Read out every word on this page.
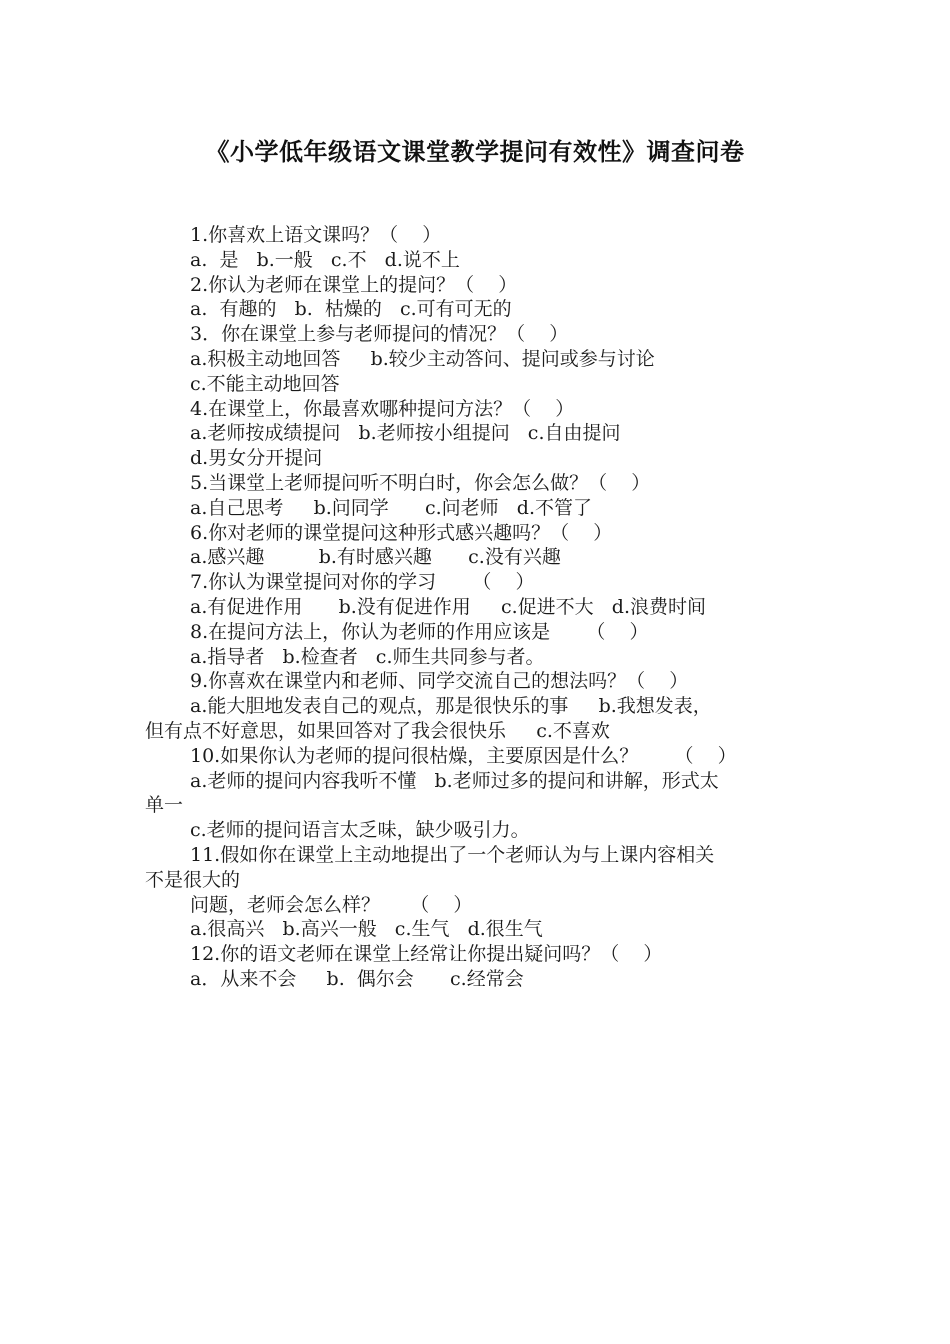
《小学低年级语文课堂教学提问有效性》调查问卷
1.你喜欢上语文课吗？（    ）
a.  是   b.一般   c.不   d.说不上
2.你认为老师在课堂上的提问？（    ）
a.  有趣的   b.  枯燥的   c.可有可无的
3．你在课堂上参与老师提问的情况？（    ）
a.积极主动地回答     b.较少主动答问、提问或参与讨论
c.不能主动地回答
4.在课堂上，你最喜欢哪种提问方法？（    ）
a.老师按成绩提问   b.老师按小组提问   c.自由提问
d.男女分开提问
5.当课堂上老师提问听不明白时，你会怎么做？（    ）
a.自己思考     b.问同学      c.问老师   d.不管了
6.你对老师的课堂提问这种形式感兴趣吗？（    ）
a.感兴趣         b.有时感兴趣      c.没有兴趣
7.你认为课堂提问对你的学习      （    ）
a.有促进作用      b.没有促进作用     c.促进不大   d.浪费时间
8.在提问方法上，你认为老师的作用应该是      （    ）
a.指导者   b.检查者   c.师生共同参与者。
9.你喜欢在课堂内和老师、同学交流自己的想法吗？（    ）
a.能大胆地发表自己的观点，那是很快乐的事     b.我想发表，
但有点不好意思，如果回答对了我会很快乐     c.不喜欢
10.如果你认为老师的提问很枯燥，主要原因是什么？      （    ）
a.老师的提问内容我听不懂   b.老师过多的提问和讲解，形式太
单一
c.老师的提问语言太乏味，缺少吸引力。
11.假如你在课堂上主动地提出了一个老师认为与上课内容相关
不是很大的
问题，老师会怎么样？     （    ）
a.很高兴   b.高兴一般   c.生气   d.很生气
12.你的语文老师在课堂上经常让你提出疑问吗？（    ）
a．从来不会     b.  偶尔会      c.经常会
